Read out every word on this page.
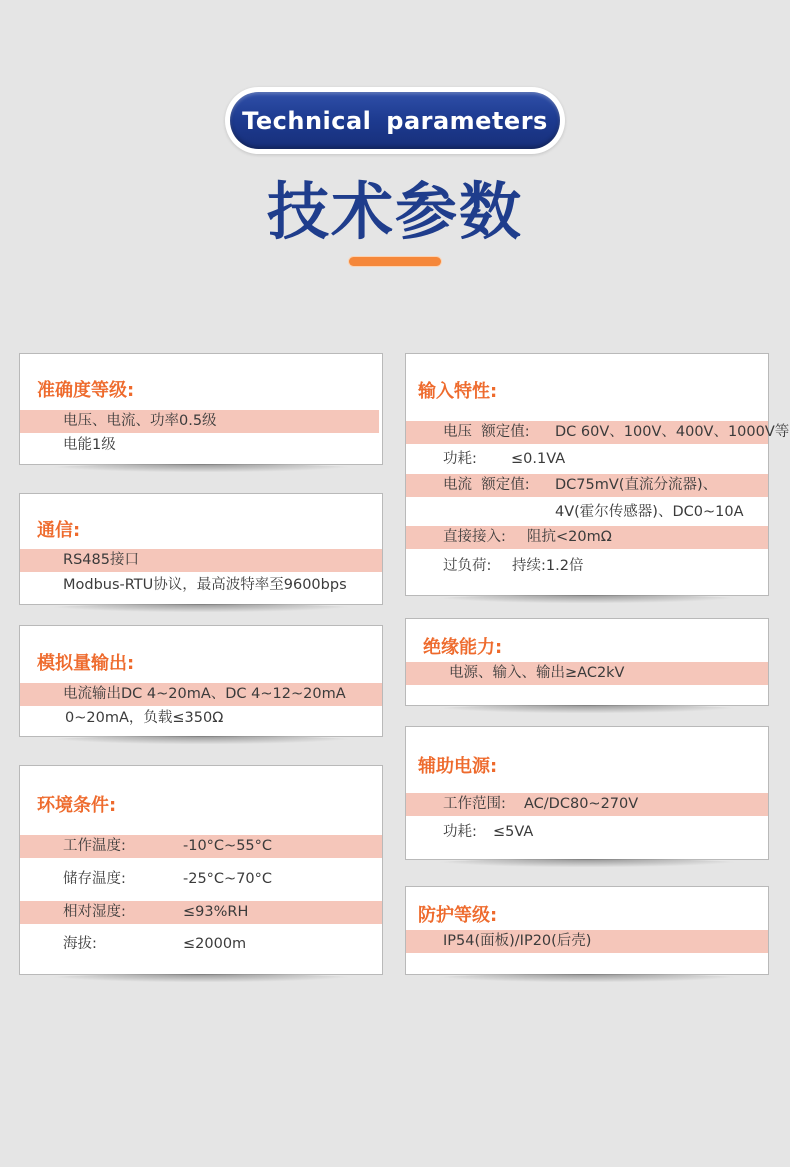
Technical parameters
技术参数
准确度等级:
电压、电流、功率0.5级
电能1级
通信:
RS485接口
Modbus-RTU协议，最高波特率至9600bps
模拟量输出:
电流输出DC 4~20mA、DC 4~12~20mA
0~20mA，负载≤350Ω
环境条件:
工作温度:	-10°C~55°C
储存温度:	-25°C~70°C
相对湿度:	≤93%RH
海拔:	≤2000m
输入特性:
电压  额定值: DC 60V、100V、400V、1000V等
功耗: ≤0.1VA
电流  额定值: DC75mV(直流分流器)、
4V(霍尔传感器)、DC0~10A
直接接入: 阻抗<20mΩ
过负荷: 持续:1.2倍
绝缘能力:
电源、输入、输出≥AC2kV
辅助电源:
工作范围: AC/DC80~270V
功耗: ≤5VA
防护等级:
IP54(面板)/IP20(后壳)
